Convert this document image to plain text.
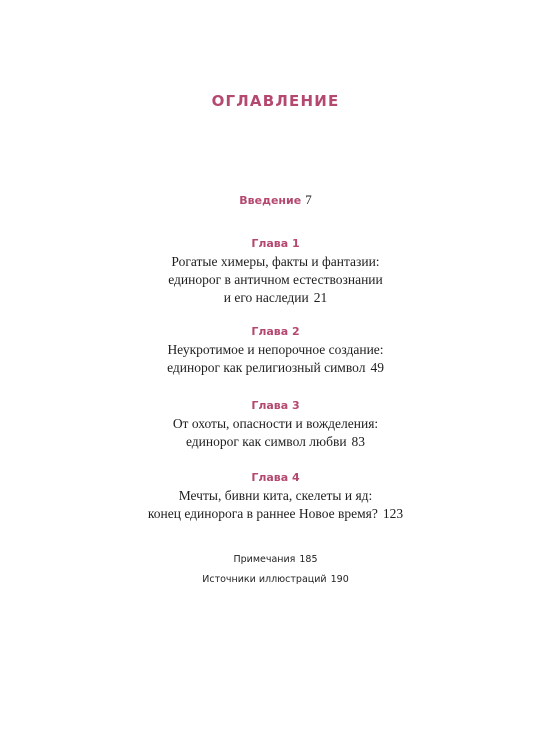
ОГЛАВЛЕНИЕ
Введение 7
Глава 1
Рогатые химеры, факты и фантазии:
единорог в античном естествознании
и его наследии 21
Глава 2
Неукротимое и непорочное создание:
единорог как религиозный символ 49
Глава 3
От охоты, опасности и вожделения:
единорог как символ любви 83
Глава 4
Мечты, бивни кита, скелеты и яд:
конец единорога в раннее Новое время? 123
Примечания 185
Источники иллюстраций 190
